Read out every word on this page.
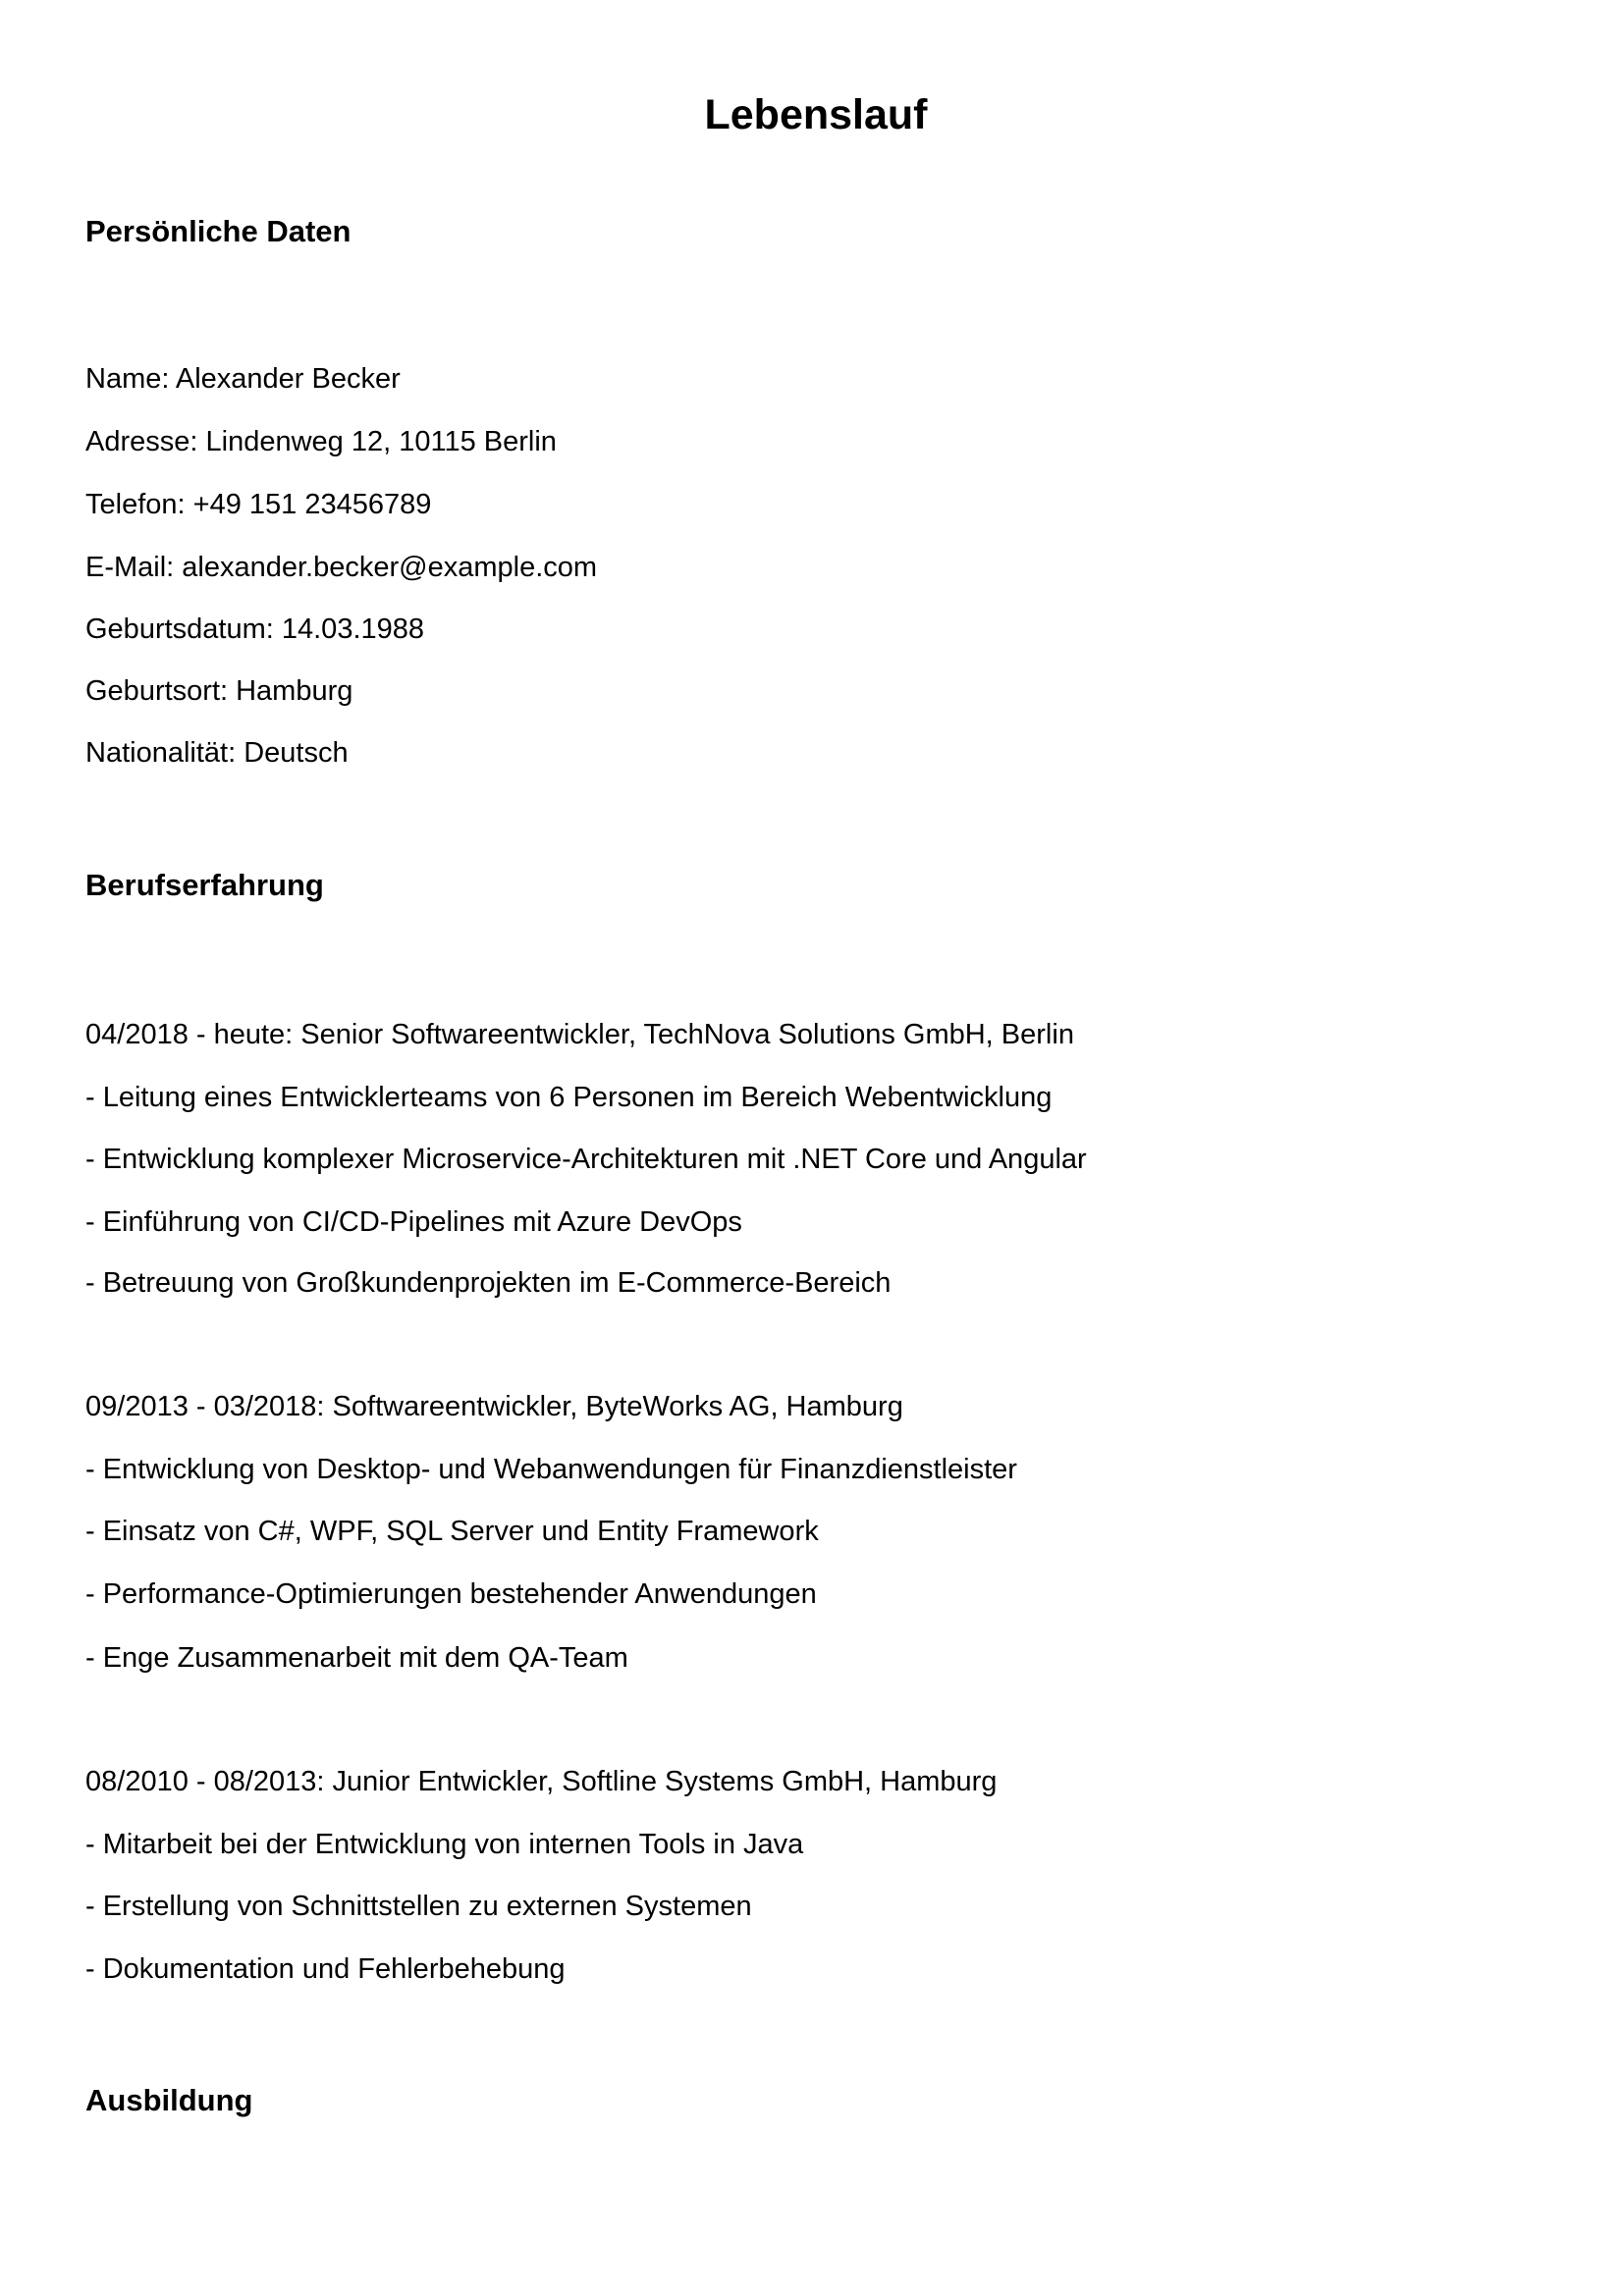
Lebenslauf
Persönliche Daten
Name: Alexander Becker
Adresse: Lindenweg 12, 10115 Berlin
Telefon: +49 151 23456789
E-Mail: alexander.becker@example.com
Geburtsdatum: 14.03.1988
Geburtsort: Hamburg
Nationalität: Deutsch
Berufserfahrung
04/2018 - heute: Senior Softwareentwickler, TechNova Solutions GmbH, Berlin
- Leitung eines Entwicklerteams von 6 Personen im Bereich Webentwicklung
- Entwicklung komplexer Microservice-Architekturen mit .NET Core und Angular
- Einführung von CI/CD-Pipelines mit Azure DevOps
- Betreuung von Großkundenprojekten im E-Commerce-Bereich
09/2013 - 03/2018: Softwareentwickler, ByteWorks AG, Hamburg
- Entwicklung von Desktop- und Webanwendungen für Finanzdienstleister
- Einsatz von C#, WPF, SQL Server und Entity Framework
- Performance-Optimierungen bestehender Anwendungen
- Enge Zusammenarbeit mit dem QA-Team
08/2010 - 08/2013: Junior Entwickler, Softline Systems GmbH, Hamburg
- Mitarbeit bei der Entwicklung von internen Tools in Java
- Erstellung von Schnittstellen zu externen Systemen
- Dokumentation und Fehlerbehebung
Ausbildung
